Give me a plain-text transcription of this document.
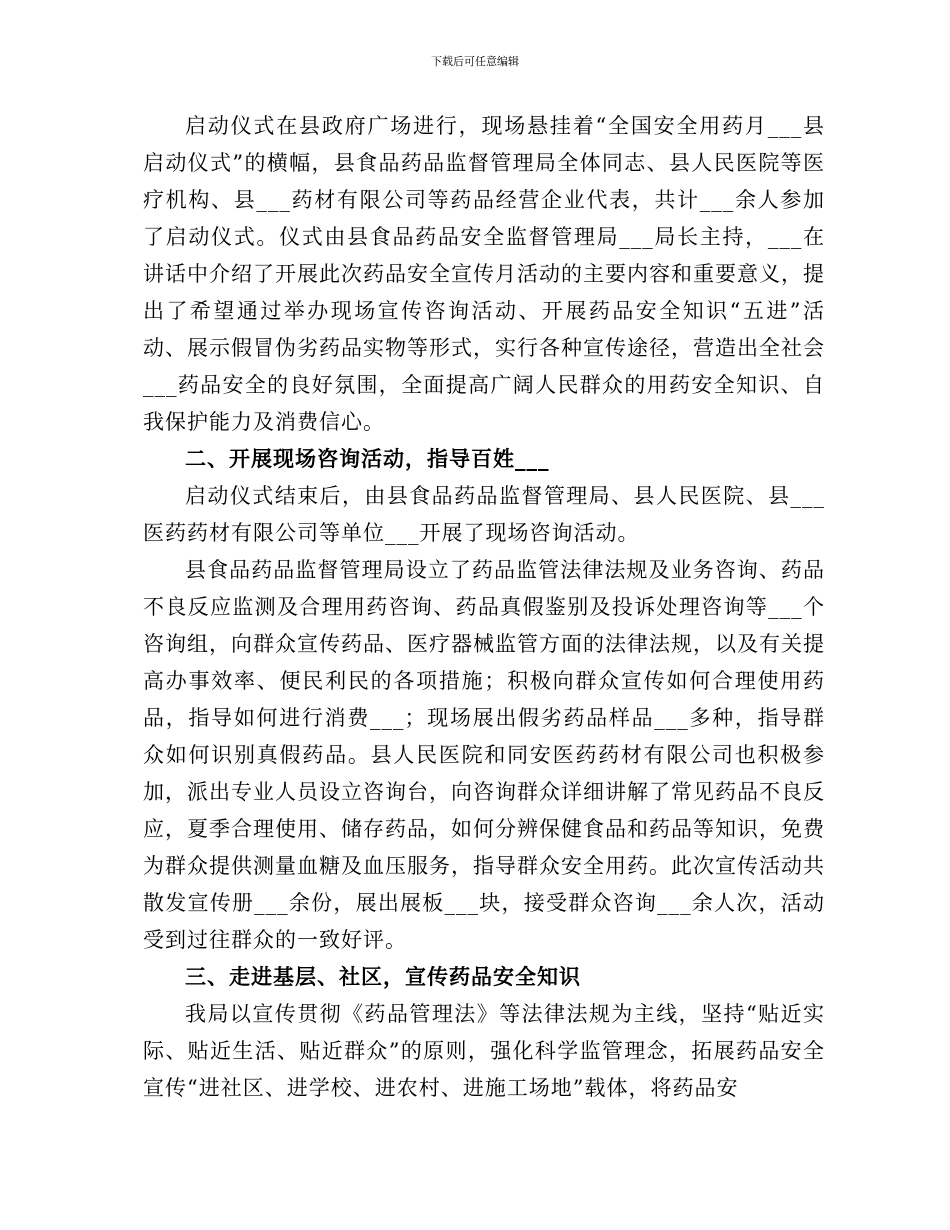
下载后可任意编辑

启动仪式在县政府广场进行，现场悬挂着“全国安全用药月___县启动仪式”的横幅，县食品药品监督管理局全体同志、县人民医院等医疗机构、县___药材有限公司等药品经营企业代表，共计___余人参加了启动仪式。仪式由县食品药品安全监督管理局___局长主持，___在讲话中介绍了开展此次药品安全宣传月活动的主要内容和重要意义，提出了希望通过举办现场宣传咨询活动、开展药品安全知识“五进”活动、展示假冒伪劣药品实物等形式，实行各种宣传途径，营造出全社会___药品安全的良好氛围，全面提高广阔人民群众的用药安全知识、自我保护能力及消费信心。

二、开展现场咨询活动，指导百姓___

启动仪式结束后，由县食品药品监督管理局、县人民医院、县___医药药材有限公司等单位___开展了现场咨询活动。

县食品药品监督管理局设立了药品监管法律法规及业务咨询、药品不良反应监测及合理用药咨询、药品真假鉴别及投诉处理咨询等___个咨询组，向群众宣传药品、医疗器械监管方面的法律法规，以及有关提高办事效率、便民利民的各项措施；积极向群众宣传如何合理使用药品，指导如何进行消费___；现场展出假劣药品样品___多种，指导群众如何识别真假药品。县人民医院和同安医药药材有限公司也积极参加，派出专业人员设立咨询台，向咨询群众详细讲解了常见药品不良反应，夏季合理使用、储存药品，如何分辨保健食品和药品等知识，免费为群众提供测量血糖及血压服务，指导群众安全用药。此次宣传活动共散发宣传册___余份，展出展板___块，接受群众咨询___余人次，活动受到过往群众的一致好评。

三、走进基层、社区，宣传药品安全知识

我局以宣传贯彻《药品管理法》等法律法规为主线，坚持“贴近实际、贴近生活、贴近群众”的原则，强化科学监管理念，拓展药品安全宣传“进社区、进学校、进农村、进施工场地”载体，将药品安
